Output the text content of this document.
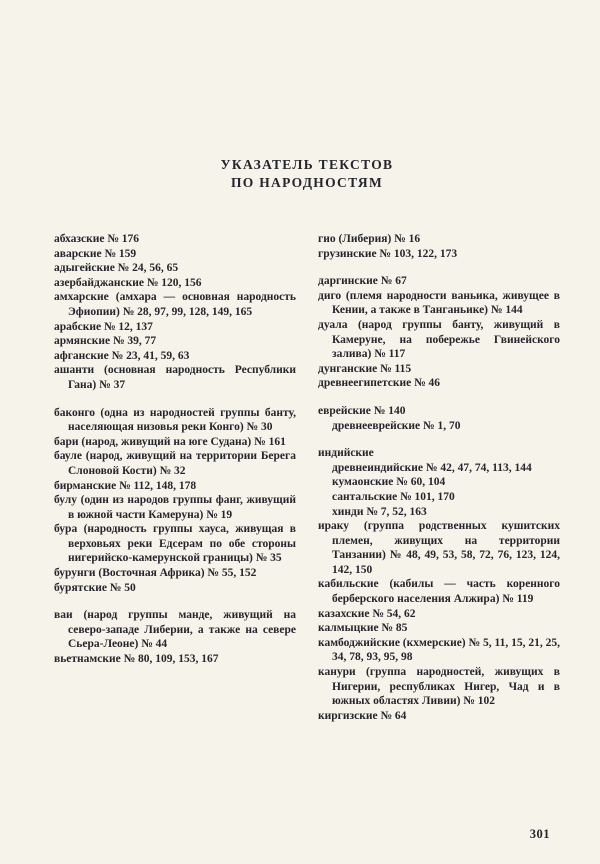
УКАЗАТЕЛЬ ТЕКСТОВ
ПО НАРОДНОСТЯМ

абхазские № 176

аварские № 159

адыгейские № 24, 56, 65

азербайджанские № 120, 156

амхарские (амхара — основная народность Эфиопии) № 28, 97, 99, 128, 149, 165

арабские № 12, 137

армянские № 39, 77

афганские № 23, 41, 59, 63

ашанти (основная народность Республики Гана) № 37

баконго (одна из народностей группы банту, населяющая низовья реки Конго) № 30

бари (народ, живущий на юге Судана) № 161

бауле (народ, живущий на территории Берега Слоновой Кости) № 32

бирманские № 112, 148, 178

булу (один из народов группы фанг, живущий в южной части Камеруна) № 19

бура (народность группы хауса, живущая в верховьях реки Едсерам по обе стороны нигерийско-камерунской границы) № 35

бурунги (Восточная Африка) № 55, 152

бурятские № 50

ваи (народ группы манде, живущий на северо-западе Либерии, а также на севере Сьера-Леоне) № 44

вьетнамские № 80, 109, 153, 167

гио (Либерия) № 16

грузинские № 103, 122, 173

даргинские № 67

диго (племя народности ваньика, живущее в Кении, а также в Танганьике) № 144

дуала (народ группы банту, живущий в Камеруне, на побережье Гвинейского залива) № 117

дунганские № 115

древнеегипетские № 46

еврейские № 140

древнееврейские № 1, 70

индийские

древнеиндийские № 42, 47, 74, 113, 144

кумаонские № 60, 104

сантальские № 101, 170

хинди № 7, 52, 163

ираку (группа родственных кушитских племен, живущих на территории Танзании) № 48, 49, 53, 58, 72, 76, 123, 124, 142, 150

кабильские (кабилы — часть коренного берберского населения Алжира) № 119

казахские № 54, 62

калмыцкие № 85

камбоджийские (кхмерские) № 5, 11, 15, 21, 25, 34, 78, 93, 95, 98

канури (группа народностей, живущих в Нигерии, республиках Нигер, Чад и в южных областях Ливии) № 102

киргизские № 64

301
